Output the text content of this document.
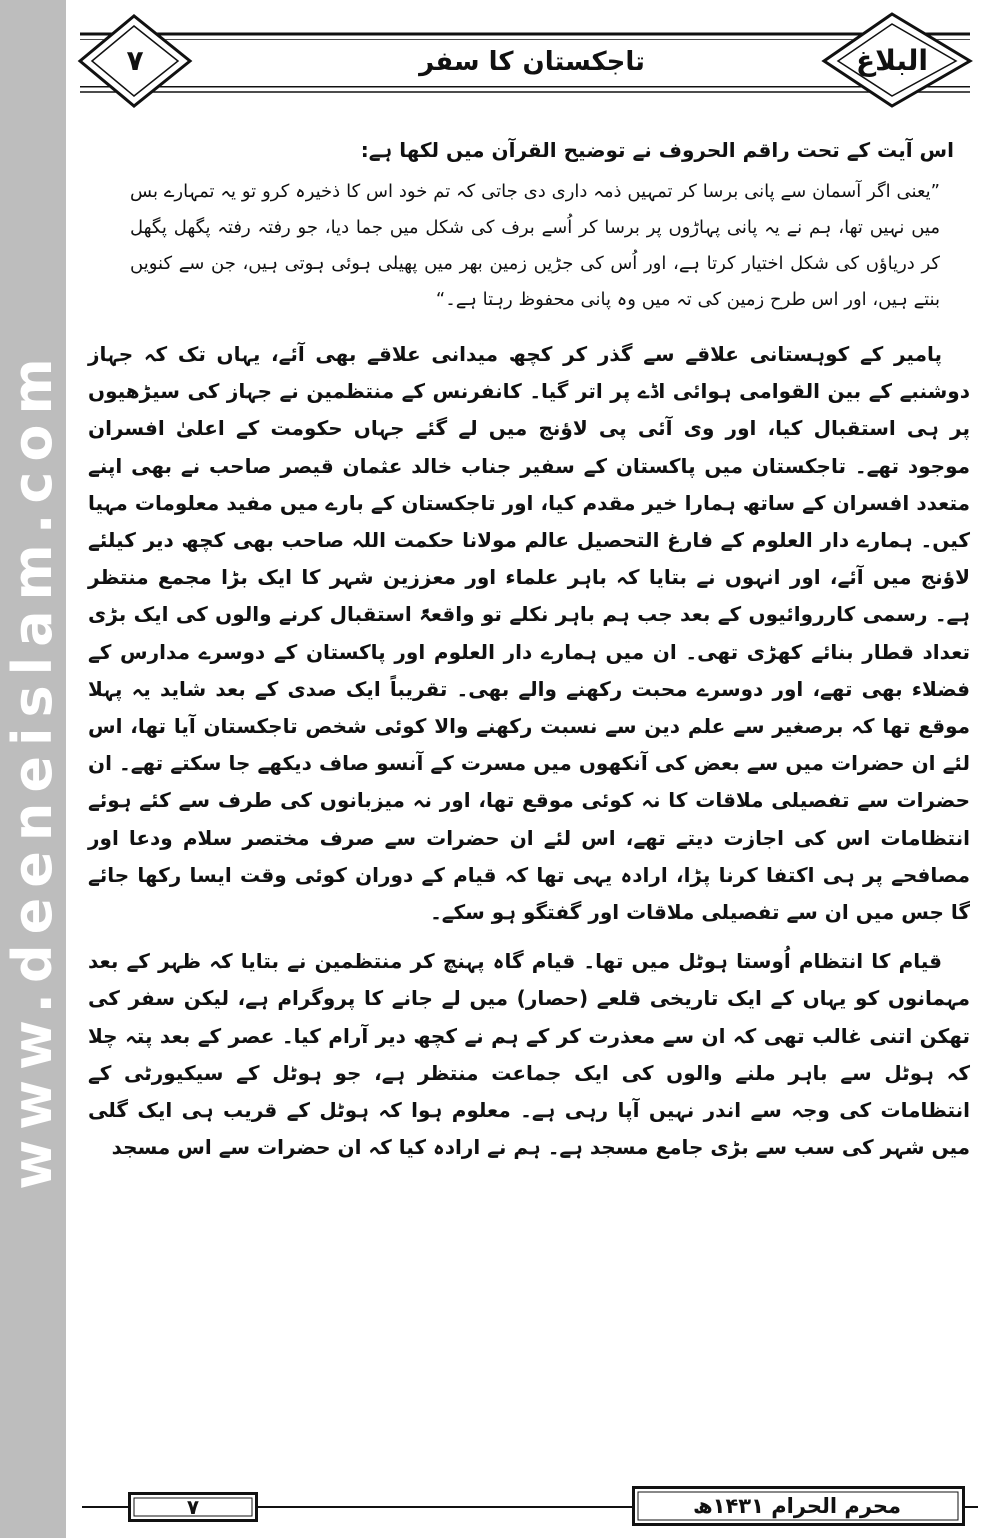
www.deeneislam.com
۷	تاجکستان کا سفر	البلاغ

اس آیت کے تحت راقم الحروف نے توضیح القرآن میں لکھا ہے:

”یعنی اگر آسمان سے پانی برسا کر تمہیں ذمہ داری دی جاتی کہ تم خود اس کا ذخیرہ کرو تو یہ تمہارے بس میں نہیں تھا، ہم نے یہ پانی پہاڑوں پر برسا کر اُسے برف کی شکل میں جما دیا، جو رفتہ رفتہ پگھل پگھل کر دریاؤں کی شکل اختیار کرتا ہے، اور اُس کی جڑیں زمین بھر میں پھیلی ہوئی ہوتی ہیں، جن سے کنویں بنتے ہیں، اور اس طرح زمین کی تہ میں وہ پانی محفوظ رہتا ہے۔“

پامیر کے کوہستانی علاقے سے گذر کر کچھ میدانی علاقے بھی آئے، یہاں تک کہ جہاز دوشنبے کے بین القوامی ہوائی اڈے پر اتر گیا۔ کانفرنس کے منتظمین نے جہاز کی سیڑھیوں پر ہی استقبال کیا، اور وی آئی پی لاؤنج میں لے گئے جہاں حکومت کے اعلیٰ افسران موجود تھے۔ تاجکستان میں پاکستان کے سفیر جناب خالد عثمان قیصر صاحب نے بھی اپنے متعدد افسران کے ساتھ ہمارا خیر مقدم کیا، اور تاجکستان کے بارے میں مفید معلومات مہیا کیں۔ ہمارے دار العلوم کے فارغ التحصیل عالم مولانا حکمت اللہ صاحب بھی کچھ دیر کیلئے لاؤنج میں آئے، اور انہوں نے بتایا کہ باہر علماء اور معززین شہر کا ایک بڑا مجمع منتظر ہے۔ رسمی کارروائیوں کے بعد جب ہم باہر نکلے تو واقعۃً استقبال کرنے والوں کی ایک بڑی تعداد قطار بنائے کھڑی تھی۔ ان میں ہمارے دار العلوم اور پاکستان کے دوسرے مدارس کے فضلاء بھی تھے، اور دوسرے محبت رکھنے والے بھی۔ تقریباً ایک صدی کے بعد شاید یہ پہلا موقع تھا کہ برصغیر سے علم دین سے نسبت رکھنے والا کوئی شخص تاجکستان آیا تھا، اس لئے ان حضرات میں سے بعض کی آنکھوں میں مسرت کے آنسو صاف دیکھے جا سکتے تھے۔ ان حضرات سے تفصیلی ملاقات کا نہ کوئی موقع تھا، اور نہ میزبانوں کی طرف سے کئے ہوئے انتظامات اس کی اجازت دیتے تھے، اس لئے ان حضرات سے صرف مختصر سلام ودعا اور مصافحے پر ہی اکتفا کرنا پڑا، ارادہ یہی تھا کہ قیام کے دوران کوئی وقت ایسا رکھا جائے گا جس میں ان سے تفصیلی ملاقات اور گفتگو ہو سکے۔

قیام کا انتظام اُوستا ہوٹل میں تھا۔ قیام گاہ پہنچ کر منتظمین نے بتایا کہ ظہر کے بعد مہمانوں کو یہاں کے ایک تاریخی قلعے (حصار) میں لے جانے کا پروگرام ہے، لیکن سفر کی تھکن اتنی غالب تھی کہ ان سے معذرت کر کے ہم نے کچھ دیر آرام کیا۔ عصر کے بعد پتہ چلا کہ ہوٹل سے باہر ملنے والوں کی ایک جماعت منتظر ہے، جو ہوٹل کے سیکیورٹی کے انتظامات کی وجہ سے اندر نہیں آپا رہی ہے۔ معلوم ہوا کہ ہوٹل کے قریب ہی ایک گلی میں شہر کی سب سے بڑی جامع مسجد ہے۔ ہم نے ارادہ کیا کہ ان حضرات سے اس مسجد

۷	محرم الحرام ۱۴۳۱ھ
